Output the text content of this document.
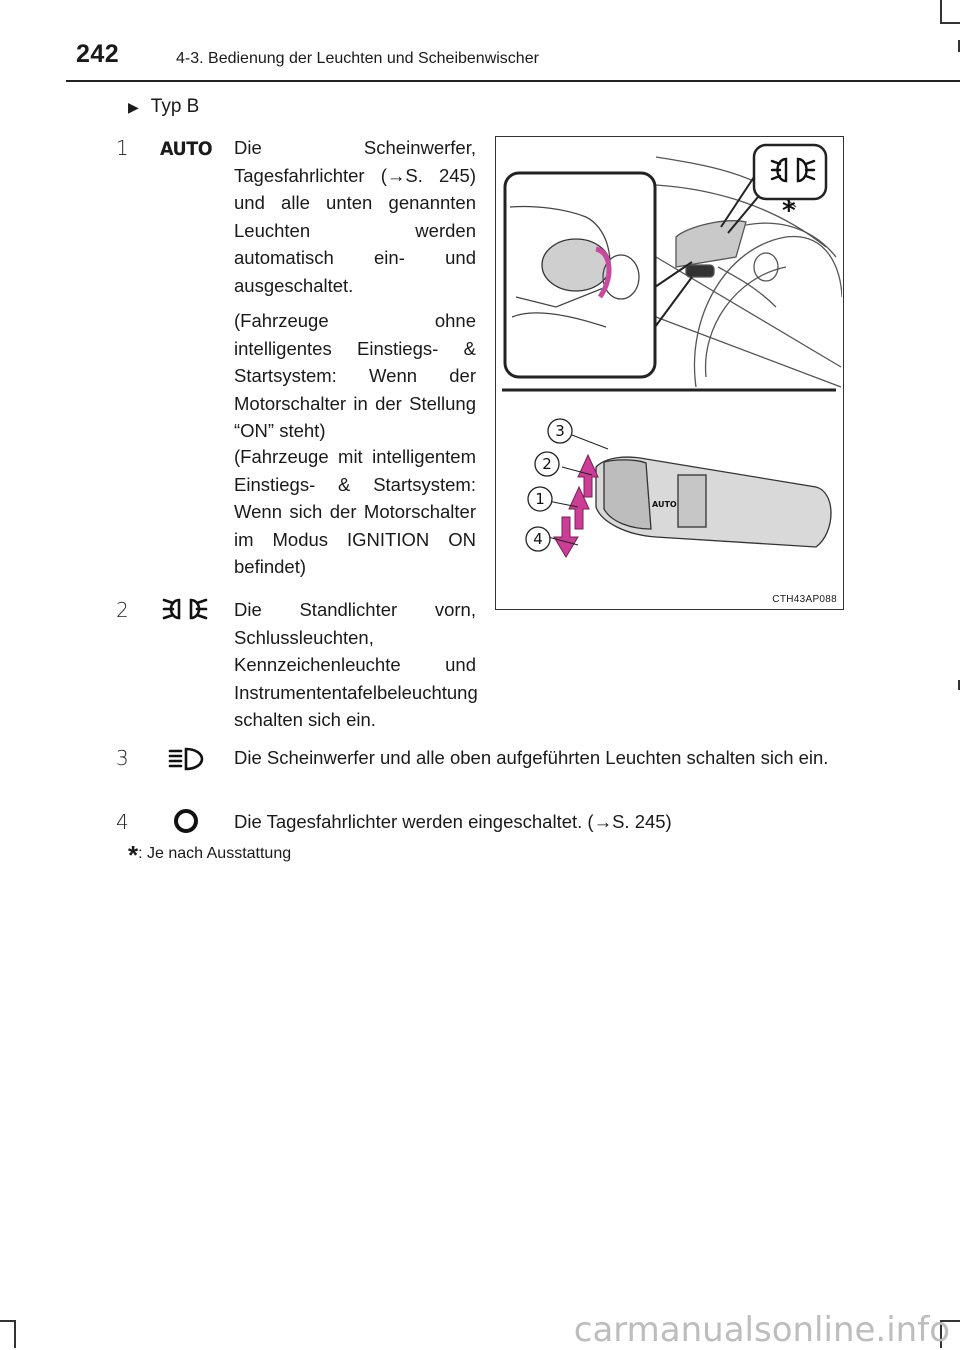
242	4-3. Bedienung der Leuchten und Scheibenwischer
▶ Typ B
1	AUTO Die Scheinwerfer, Tagesfahrlichter (→S. 245) und alle unten genannten Leuchten werden automatisch ein- und ausgeschaltet.

(Fahrzeuge ohne intelligentes Einstiegs- & Startsystem: Wenn der Motorschalter in der Stellung “ON” steht)

(Fahrzeuge mit intelligentem Einstiegs- & Startsystem: Wenn sich der Motorschalter im Modus IGNITION ON befindet)

2	Die Standlichter vorn, Schlussleuchten, Kennzeichenleuchte und Instrumententafelbeleuchtung schalten sich ein.

3	Die Scheinwerfer und alle oben aufgeführten Leuchten schalten sich ein.

4	Die Tagesfahrlichter werden eingeschaltet. (→S. 245)

*
AUTO
3
2
1
4
CTH43AP088
*: Je nach Ausstattung
carmanualsonline.info
